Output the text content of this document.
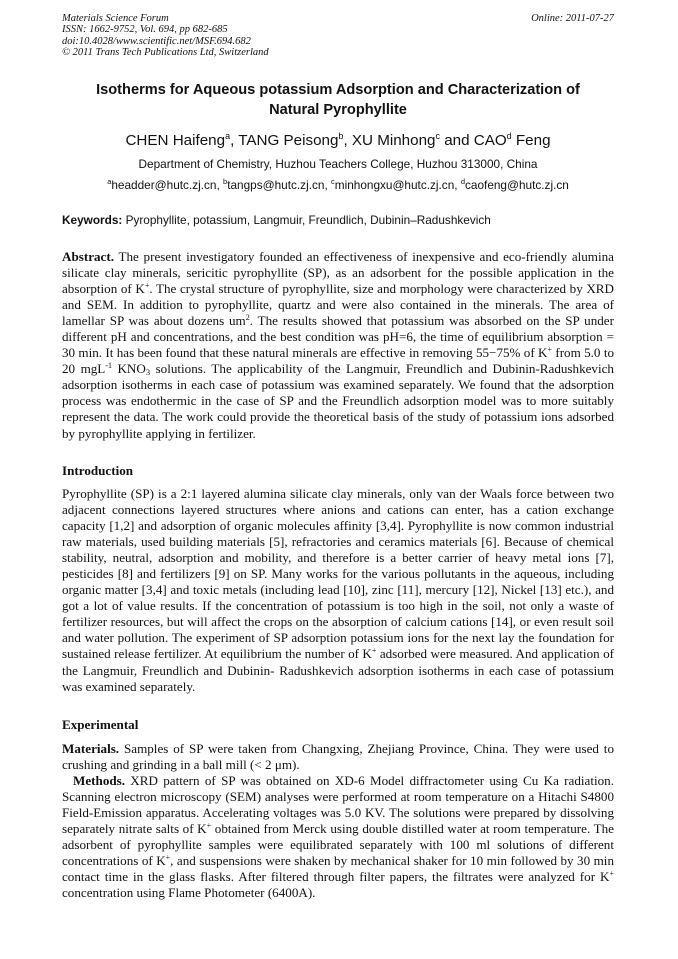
Materials Science Forum
ISSN: 1662-9752, Vol. 694, pp 682-685
doi:10.4028/www.scientific.net/MSF.694.682
© 2011 Trans Tech Publications Ltd, Switzerland
Online: 2011-07-27
Isotherms for Aqueous potassium Adsorption and Characterization of
Natural Pyrophyllite
CHEN Haifeng$^a$, TANG Peisong$^b$, XU Minhong$^c$ and CAO$^d$ Feng
Department of Chemistry, Huzhou Teachers College, Huzhou 313000, China
$^a$headder@hutc.zj.cn, $^b$tangps@hutc.zj.cn, $^c$minhongxu@hutc.zj.cn, $^d$caofeng@hutc.zj.cn
Keywords: Pyrophyllite, potassium, Langmuir, Freundlich, Dubinin–Radushkevich
Abstract. The present investigatory founded an effectiveness of inexpensive and eco-friendly alumina silicate clay minerals, sericitic pyrophyllite (SP), as an adsorbent for the possible application in the absorption of K+. The crystal structure of pyrophyllite, size and morphology were characterized by XRD and SEM. In addition to pyrophyllite, quartz and were also contained in the minerals. The area of lamellar SP was about dozens $um^2$. The results showed that potassium was absorbed on the SP under different pH and concentrations, and the best condition was pH=6, the time of equilibrium absorption = 30 min. It has been found that these natural minerals are effective in removing 55−75% of K+ from 5.0 to 20 mgL$^{-1}$ $KNO_3$ solutions. The applicability of the Langmuir, Freundlich and Dubinin-Radushkevich adsorption isotherms in each case of potassium was examined separately. We found that the adsorption process was endothermic in the case of SP and the Freundlich adsorption model was to more suitably represent the data. The work could provide the theoretical basis of the study of potassium ions adsorbed by pyrophyllite applying in fertilizer.
Introduction
Pyrophyllite (SP) is a 2:1 layered alumina silicate clay minerals, only van der Waals force between two adjacent connections layered structures where anions and cations can enter, has a cation exchange capacity [1,2] and adsorption of organic molecules affinity [3,4]. Pyrophyllite is now common industrial raw materials, used building materials [5], refractories and ceramics materials [6]. Because of chemical stability, neutral, adsorption and mobility, and therefore is a better carrier of heavy metal ions [7], pesticides [8] and fertilizers [9] on SP. Many works for the various pollutants in the aqueous, including organic matter [3,4] and toxic metals (including lead [10], zinc [11], mercury [12], Nickel [13] etc.), and got a lot of value results. If the concentration of potassium is too high in the soil, not only a waste of fertilizer resources, but will affect the crops on the absorption of calcium cations [14], or even result soil and water pollution. The experiment of SP adsorption potassium ions for the next lay the foundation for sustained release fertilizer. At equilibrium the number of K+ adsorbed were measured. And application of the Langmuir, Freundlich and Dubinin- Radushkevich adsorption isotherms in each case of potassium was examined separately.
Experimental
Materials. Samples of SP were taken from Changxing, Zhejiang Province, China. They were used to crushing and grinding in a ball mill (< 2 μm).
Methods. XRD pattern of SP was obtained on XD-6 Model diffractometer using Cu Ka radiation. Scanning electron microscopy (SEM) analyses were performed at room temperature on a Hitachi S4800 Field-Emission apparatus. Accelerating voltages was 5.0 KV. The solutions were prepared by dissolving separately nitrate salts of K+ obtained from Merck using double distilled water at room temperature. The adsorbent of pyrophyllite samples were equilibrated separately with 100 ml solutions of different concentrations of K+, and suspensions were shaken by mechanical shaker for 10 min followed by 30 min contact time in the glass flasks. After filtered through filter papers, the filtrates were analyzed for K+ concentration using Flame Photometer (6400A).
